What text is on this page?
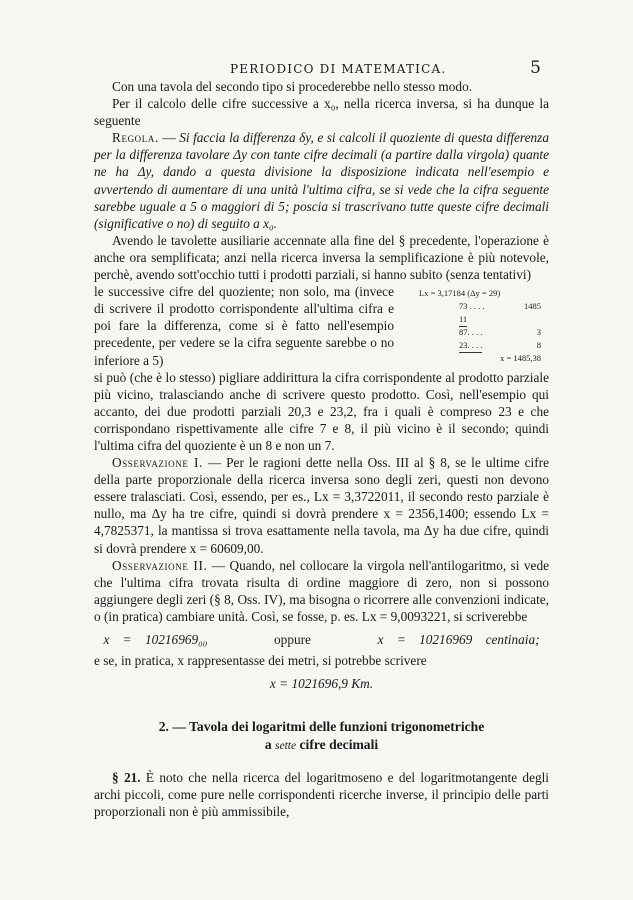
PERIODICO DI MATEMATICA.	5

Con una tavola del secondo tipo si procederebbe nello stesso modo.

Per il calcolo delle cifre successive a x₀, nella ricerca inversa, si ha dunque la seguente

Regola. — Si faccia la differenza δy, e si calcoli il quoziente di questa differenza per la differenza tavolare Δy con tante cifre decimali (a partire dalla virgola) quante ne ha Δy, dando a questa divisione la disposizione indicata nell'esempio e avvertendo di aumentare di una unità l'ultima cifra, se si vede che la cifra seguente sarebbe uguale a 5 o maggiori di 5; poscia si trascrivano tutte queste cifre decimali (significative o no) di seguito a x₀.

Avendo le tavolette ausiliarie accennate alla fine del § precedente, l'operazione è anche ora semplificata; anzi nella ricerca inversa la semplificazione è più notevole, perchè, avendo sott'occhio tutti i prodotti parziali, si hanno subito (senza tentativi)

Lx = 3,17184 (Δy = 29)
73 . . . .	1485
11
87. . . .	3
23. . . .	8
x = 1485,38

le successive cifre del quoziente; non solo, ma (invece di scrivere il prodotto corrispondente all'ultima cifra e poi fare la differenza, come si è fatto nell'esempio precedente, per vedere se la cifra seguente sarebbe o no inferiore a 5)

si può (che è lo stesso) pigliare addirittura la cifra corrispondente al prodotto parziale più vicino, tralasciando anche di scrivere questo prodotto. Così, nell'esempio qui accanto, dei due prodotti parziali 20,3 e 23,2, fra i quali è compreso 23 e che corrispondano rispettivamente alle cifre 7 e 8, il più vicino è il secondo; quindi l'ultima cifra del quoziente è un 8 e non un 7.

Osservazione I. — Per le ragioni dette nella Oss. III al § 8, se le ultime cifre della parte proporzionale della ricerca inversa sono degli zeri, questi non devono essere tralasciati. Così, essendo, per es., Lx = 3,3722011, il secondo resto parziale è nullo, ma Δy ha tre cifre, quindi si dovrà prendere x = 2356,1400; essendo Lx = 4,7825371, la mantissa si trova esattamente nella tavola, ma Δy ha due cifre, quindi si dovrà prendere x = 60609,00.

Osservazione II. — Quando, nel collocare la virgola nell'antilogaritmo, si vede che l'ultima cifra trovata risulta di ordine maggiore di zero, non si possono aggiungere degli zeri (§ 8, Oss. IV), ma bisogna o ricorrere alle convenzioni indicate, o (in pratica) cambiare unità. Così, se fosse, p. es. Lx = 9,0093221, si scriverebbe

x = 10216969₀₀	oppure	x = 10216969 centinaia;

e se, in pratica, x rappresentasse dei metri, si potrebbe scrivere

x = 1021696,9 Km.
2. — Tavola dei logaritmi delle funzioni trigonometriche
a sette cifre decimali

§ 21. È noto che nella ricerca del logaritmoseno e del logaritmotangente degli archi piccoli, come pure nelle corrispondenti ricerche inverse, il principio delle parti proporzionali non è più ammissibile,
